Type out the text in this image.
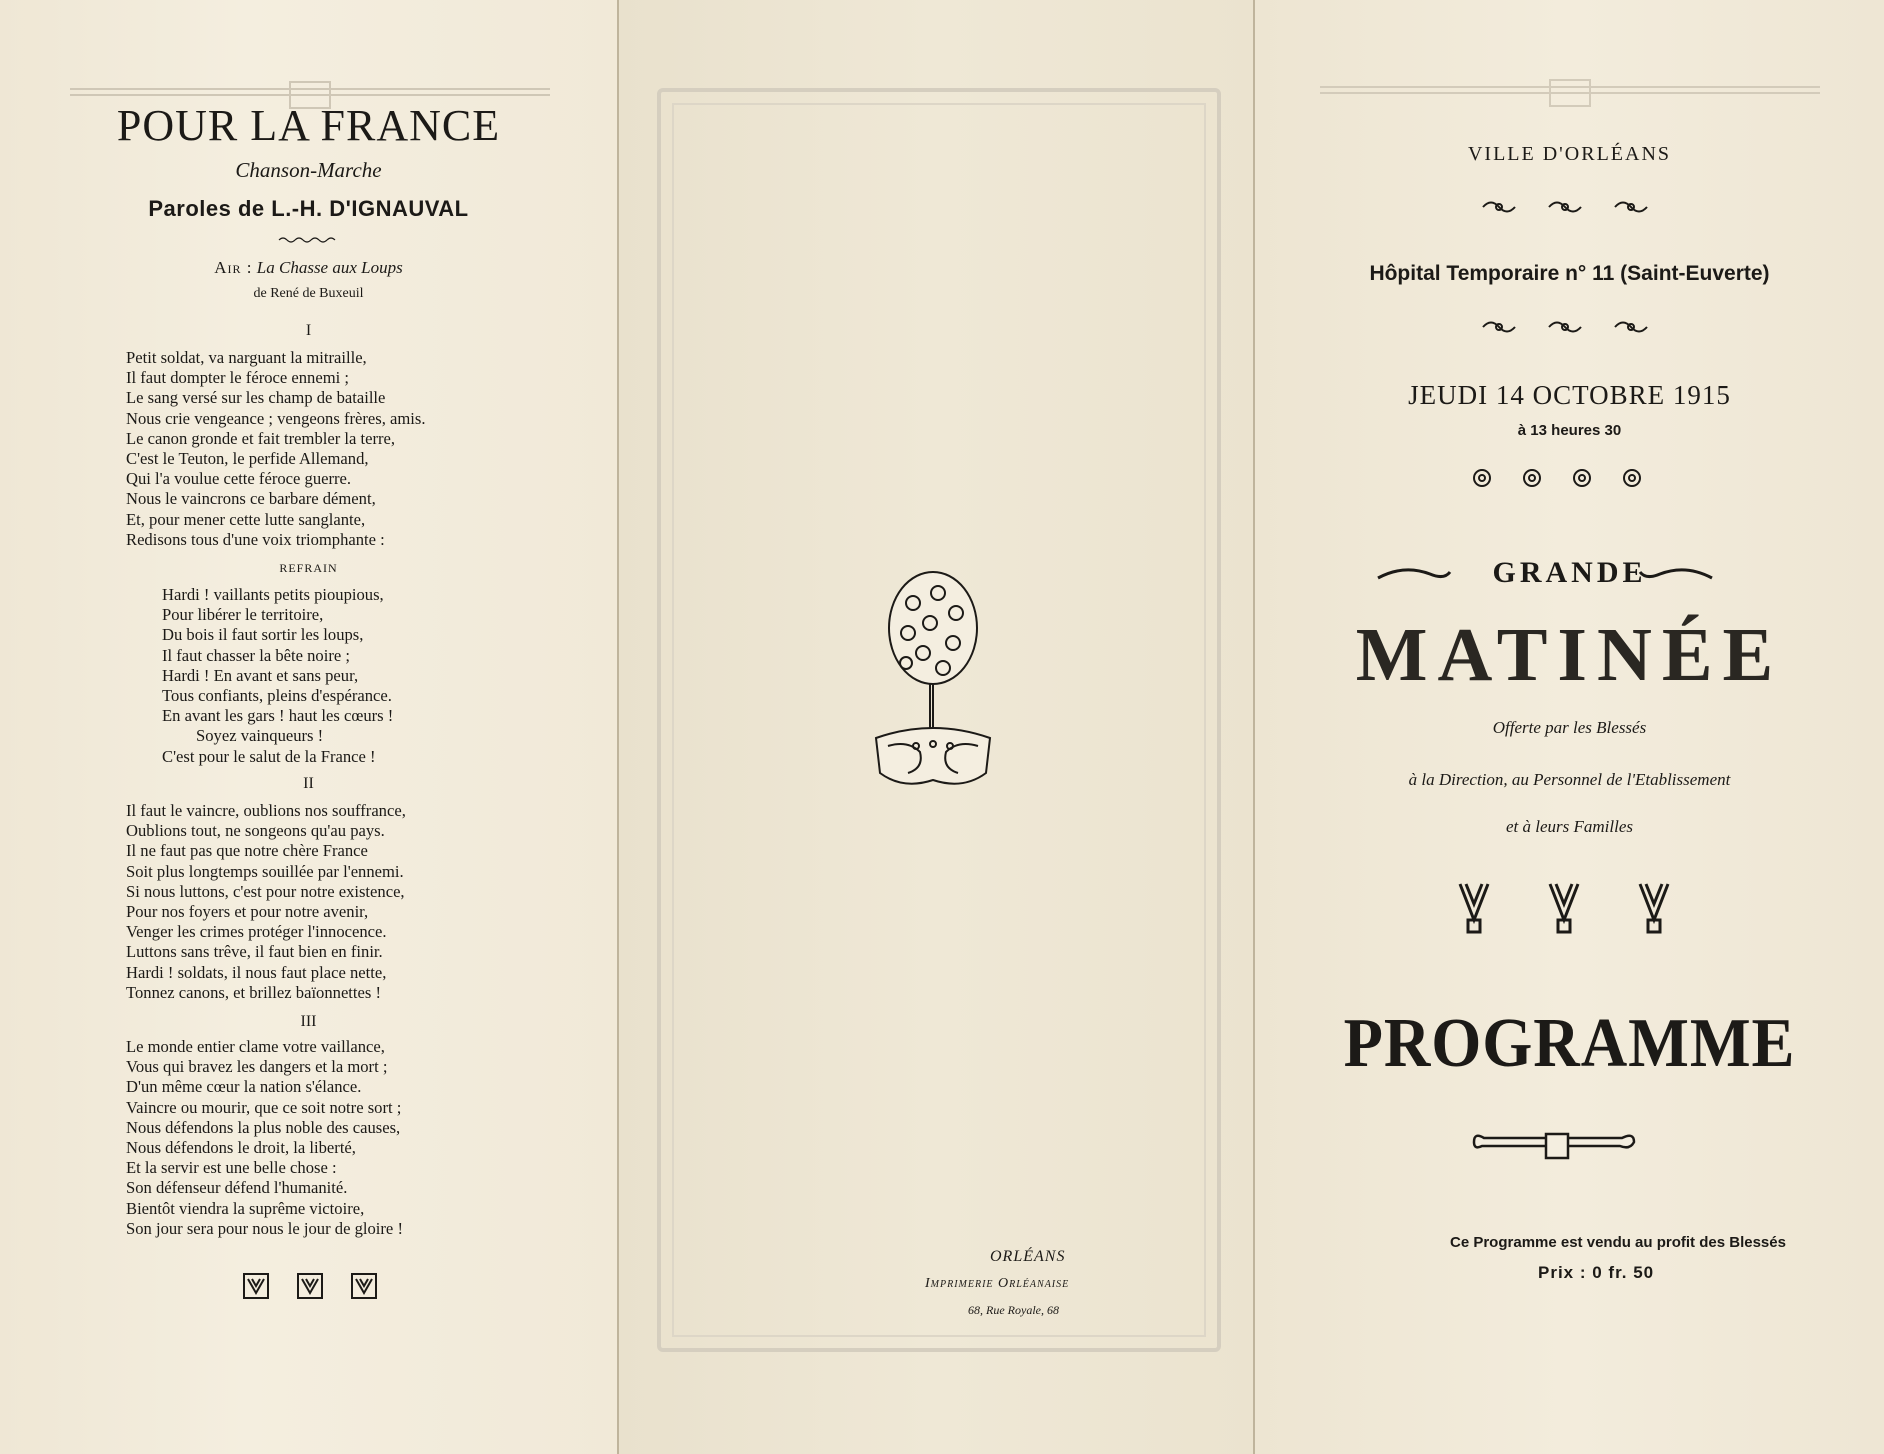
POUR LA FRANCE
Chanson-Marche
Paroles de L.-H. D'IGNAUVAL
Air : La Chasse aux Loups
de René de Buxeuil
I
Petit soldat, va narguant la mitraille,
Il faut dompter le féroce ennemi ;
Le sang versé sur les champ de bataille
Nous crie vengeance ; vengeons frères, amis.
Le canon gronde et fait trembler la terre,
C'est le Teuton, le perfide Allemand,
Qui l'a voulue cette féroce guerre.
Nous le vaincrons ce barbare dément,
Et, pour mener cette lutte sanglante,
Redisons tous d'une voix triomphante :
REFRAIN
Hardi ! vaillants petits pioupious,
Pour libérer le territoire,
Du bois il faut sortir les loups,
Il faut chasser la bête noire ;
Hardi ! En avant et sans peur,
Tous confiants, pleins d'espérance.
En avant les gars ! haut les cœurs !
Soyez vainqueurs !
C'est pour le salut de la France !
II
Il faut le vaincre, oublions nos souffrance,
Oublions tout, ne songeons qu'au pays.
Il ne faut pas que notre chère France
Soit plus longtemps souillée par l'ennemi.
Si nous luttons, c'est pour notre existence,
Pour nos foyers et pour notre avenir,
Venger les crimes protéger l'innocence.
Luttons sans trêve, il faut bien en finir.
Hardi ! soldats, il nous faut place nette,
Tonnez canons, et brillez baïonnettes !
III
Le monde entier clame votre vaillance,
Vous qui bravez les dangers et la mort ;
D'un même cœur la nation s'élance.
Vaincre ou mourir, que ce soit notre sort ;
Nous défendons la plus noble des causes,
Nous défendons le droit, la liberté,
Et la servir est une belle chose :
Son défenseur défend l'humanité.
Bientôt viendra la suprême victoire,
Son jour sera pour nous le jour de gloire !
ORLÉANS
Imprimerie Orléanaise
68, Rue Royale, 68
VILLE D'ORLÉANS
Hôpital Temporaire n° 11 (Saint-Euverte)
JEUDI 14 OCTOBRE 1915
à 13 heures 30
GRANDE
MATINÉE
Offerte par les Blessés
à la Direction, au Personnel de l'Etablissement
et à leurs Familles
PROGRAMME
Ce Programme est vendu au profit des Blessés
Prix : 0 fr. 50
